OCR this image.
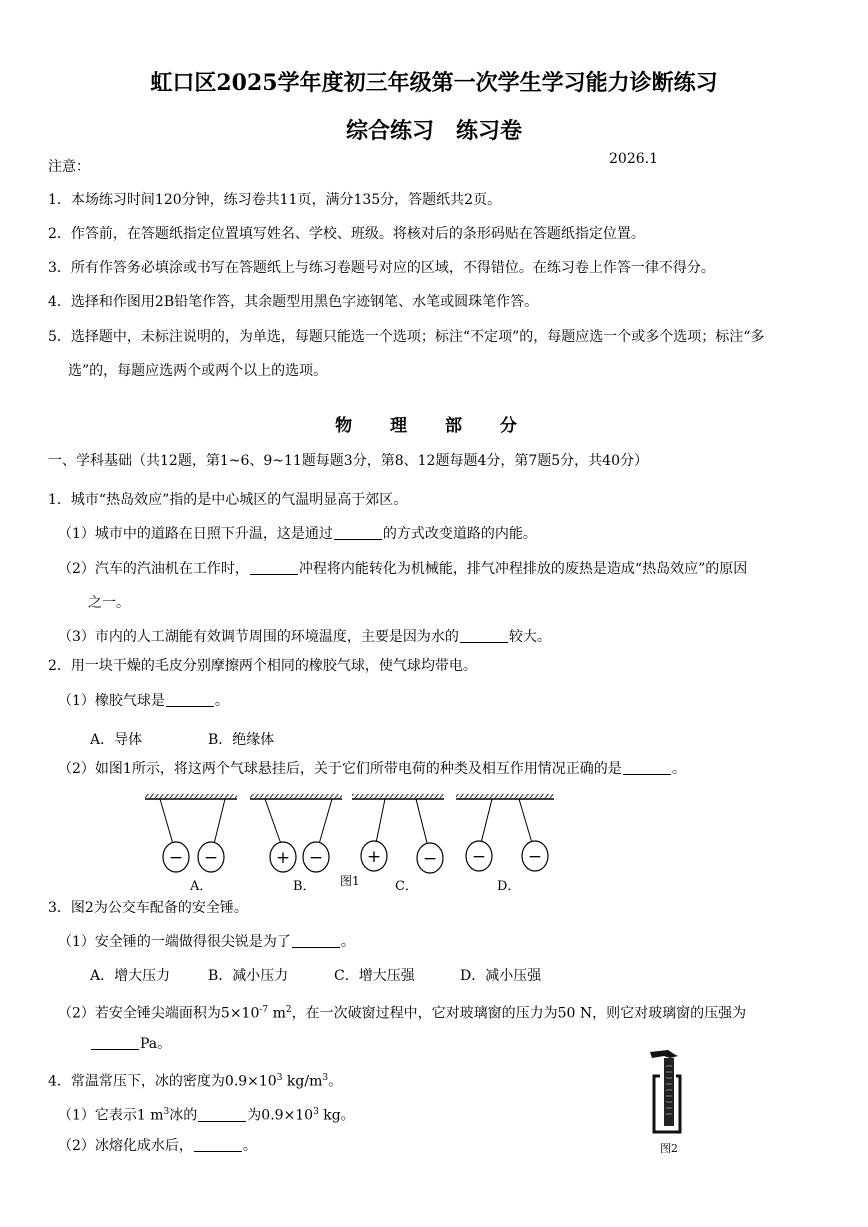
虹口区2025学年度初三年级第一次学生学习能力诊断练习
综合练习　练习卷
注意：	2026.1
1．本场练习时间120分钟，练习卷共11页，满分135分，答题纸共2页。
2．作答前，在答题纸指定位置填写姓名、学校、班级。将核对后的条形码贴在答题纸指定位置。
3．所有作答务必填涂或书写在答题纸上与练习卷题号对应的区域，不得错位。在练习卷上作答一律不得分。
4．选择和作图用2B铅笔作答，其余题型用黑色字迹钢笔、水笔或圆珠笔作答。
5．选择题中，未标注说明的，为单选，每题只能选一个选项；标注“不定项”的，每题应选一个或多个选项；标注“多
选”的，每题应选两个或两个以上的选项。
物 理 部 分
一、学科基础（共12题，第1~6、9~11题每题3分，第8、12题每题4分，第7题5分，共40分）
1．城市“热岛效应”指的是中心城区的气温明显高于郊区。
（1）城市中的道路在日照下升温，这是通过	的方式改变道路的内能。
（2）汽车的汽油机在工作时，	冲程将内能转化为机械能，排气冲程排放的废热是造成“热岛效应”的原因
之一。
（3）市内的人工湖能有效调节周围的环境温度，主要是因为水的	较大。
2．用一块干燥的毛皮分别摩擦两个相同的橡胶气球，使气球均带电。
（1）橡胶气球是	。
A．导体	B．绝缘体
（2）如图1所示，将这两个气球悬挂后，关于它们所带电荷的种类及相互作用情况正确的是	。
− −	+ −	+ − − −
A．	B． 图1	C．	D．
3．图2为公交车配备的安全锤。
（1）安全锤的一端做得很尖锐是为了	。
A．增大压力	B．减小压力	C．增大压强	D．减小压强
（2）若安全锤尖端面积为$5\times 10^{-7}$ $m^2$，在一次破窗过程中，它对玻璃窗的压力为50 N，则它对玻璃窗的压强为
Pa。
4．常温常压下，冰的密度为$0.9\times 10^3$ $kg/m^3$。
（1）它表示1 $m^3$冰的	为$0.9\times 10^3$ kg。
（2）冰熔化成水后，	。	图2
